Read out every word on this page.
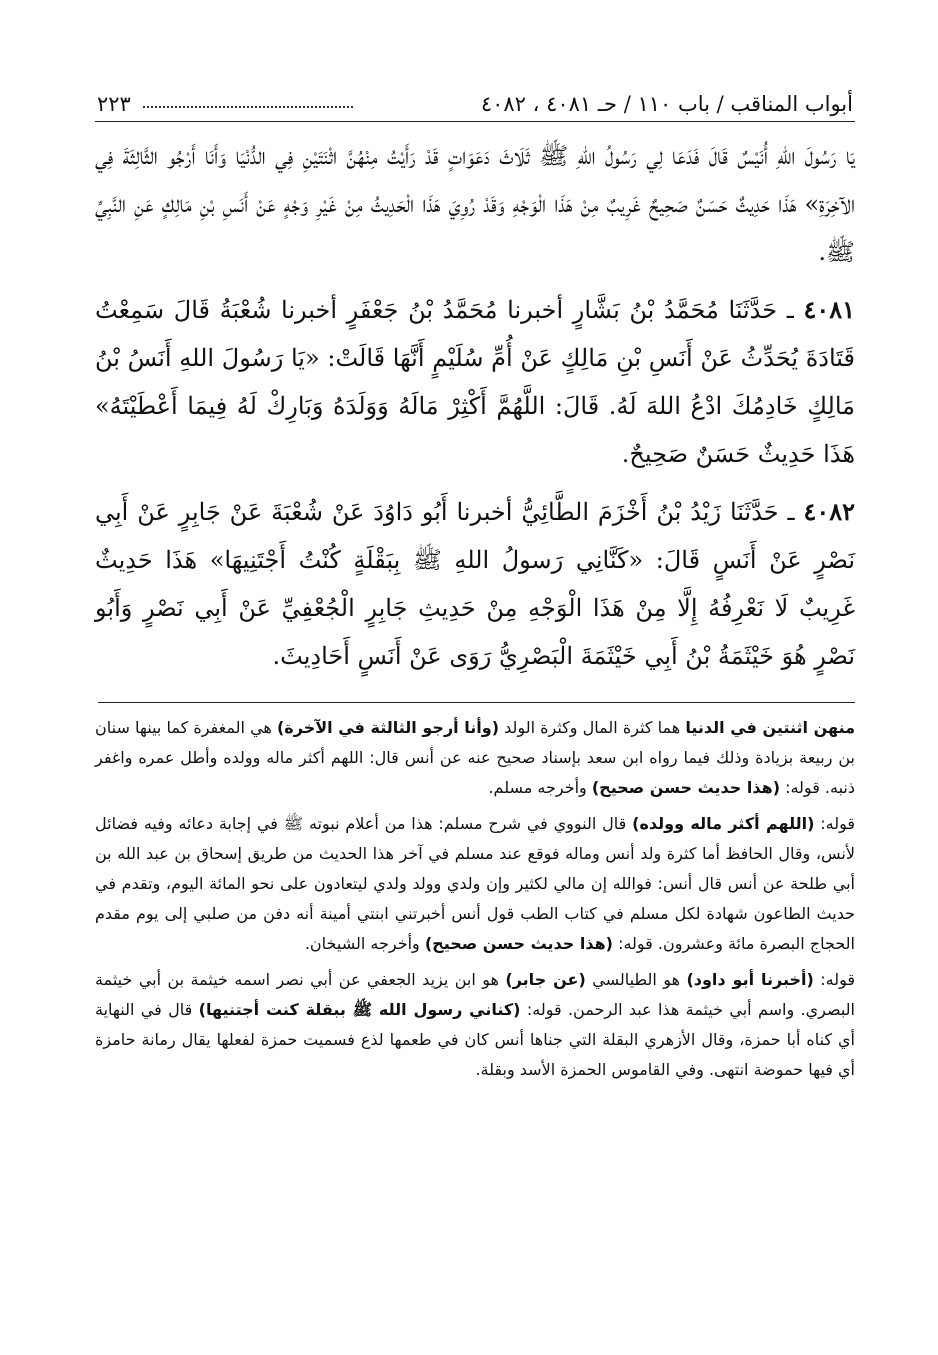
أبواب المناقب / باب ١١٠ / حـ ٤٠٨١ ، ٤٠٨٢
٢٢٣

يَا رَسُولَ اللهِ أُنَيْسٌ قَالَ فَدَعَا لِي رَسُولُ اللهِ ﷺ ثَلَاثَ دَعَوَاتٍ قَدْ رَأَيْتُ مِنْهُنَّ اثْنَتَيْنِ فِي الدُّنْيَا وَأَنَا أَرْجُو الثَّالِثَةَ فِي الآخِرَةِ» هَذَا حَدِيثٌ حَسَنٌ صَحِيحٌ غَرِيبٌ مِنْ هَذَا الْوَجْهِ وَقَدْ رُوِيَ هَذَا الْحَدِيثُ مِنْ غَيْرِ وَجْهٍ عَنْ أَنَسِ بْنِ مَالِكٍ عَنِ النَّبِيِّ ﷺ.

٤٠٨١ ـ حَدَّثَنَا مُحَمَّدُ بْنُ بَشَّارٍ أخبرنا مُحَمَّدُ بْنُ جَعْفَرٍ أخبرنا شُعْبَةُ قَالَ سَمِعْتُ قَتَادَةَ يُحَدِّثُ عَنْ أَنَسِ بْنِ مَالِكٍ عَنْ أُمِّ سُلَيْمٍ أَنَّهَا قَالَتْ: «يَا رَسُولَ اللهِ أَنَسُ بْنُ مَالِكٍ خَادِمُكَ ادْعُ اللهَ لَهُ. قَالَ: اللَّهُمَّ أَكْثِرْ مَالَهُ وَوَلَدَهُ وَبَارِكْ لَهُ فِيمَا أَعْطَيْتَهُ» هَذَا حَدِيثٌ حَسَنٌ صَحِيحٌ.

٤٠٨٢ ـ حَدَّثَنَا زَيْدُ بْنُ أَخْزَمَ الطَّائِيُّ أخبرنا أَبُو دَاوُدَ عَنْ شُعْبَةَ عَنْ جَابِرٍ عَنْ أَبِي نَصْرٍ عَنْ أَنَسٍ قَالَ: «كَنَّانِي رَسولُ اللهِ ﷺ بِبَقْلَةٍ كُنْتُ أَجْتَنِيهَا» هَذَا حَدِيثٌ غَرِيبٌ لَا نَعْرِفُهُ إِلَّا مِنْ هَذَا الْوَجْهِ مِنْ حَدِيثِ جَابِرٍ الْجُعْفِيِّ عَنْ أَبِي نَصْرٍ وَأَبُو نَصْرٍ هُوَ خَيْثَمَةُ بْنُ أَبِي خَيْثَمَةَ الْبَصْرِيُّ رَوَى عَنْ أَنَسٍ أَحَادِيثَ.

منهن اثنتين في الدنيا هما كثرة المال وكثرة الولد (وأنا أرجو الثالثة في الآخرة) هي المغفرة كما بينها سنان بن ربيعة بزيادة وذلك فيما رواه ابن سعد بإسناد صحيح عنه عن أنس قال: اللهم أكثر ماله وولده وأطل عمره واغفر ذنبه. قوله: (هذا حديث حسن صحيح) وأخرجه مسلم.

قوله: (اللهم أكثر ماله وولده) قال النووي في شرح مسلم: هذا من أعلام نبوته ﷺ في إجابة دعائه وفيه فضائل لأنس، وقال الحافظ أما كثرة ولد أنس وماله فوقع عند مسلم في آخر هذا الحديث من طريق إسحاق بن عبد الله بن أبي طلحة عن أنس قال أنس: فوالله إن مالي لكثير وإن ولدي وولد ولدي ليتعادون على نحو المائة اليوم، وتقدم في حديث الطاعون شهادة لكل مسلم في كتاب الطب قول أنس أخبرتني ابنتي أمينة أنه دفن من صلبي إلى يوم مقدم الحجاج البصرة مائة وعشرون. قوله: (هذا حديث حسن صحيح) وأخرجه الشيخان.

قوله: (أخبرنا أبو داود) هو الطيالسي (عن جابر) هو ابن يزيد الجعفي عن أبي نصر اسمه خيثمة بن أبي خيثمة البصري. واسم أبي خيثمة هذا عبد الرحمن. قوله: (كناني رسول الله ﷺ ببقلة كنت أجتنيها) قال في النهاية أي كناه أبا حمزة، وقال الأزهري البقلة التي جناها أنس كان في طعمها لذع فسميت حمزة لفعلها يقال رمانة حامزة أي فيها حموضة انتهى. وفي القاموس الحمزة الأسد وبقلة.
